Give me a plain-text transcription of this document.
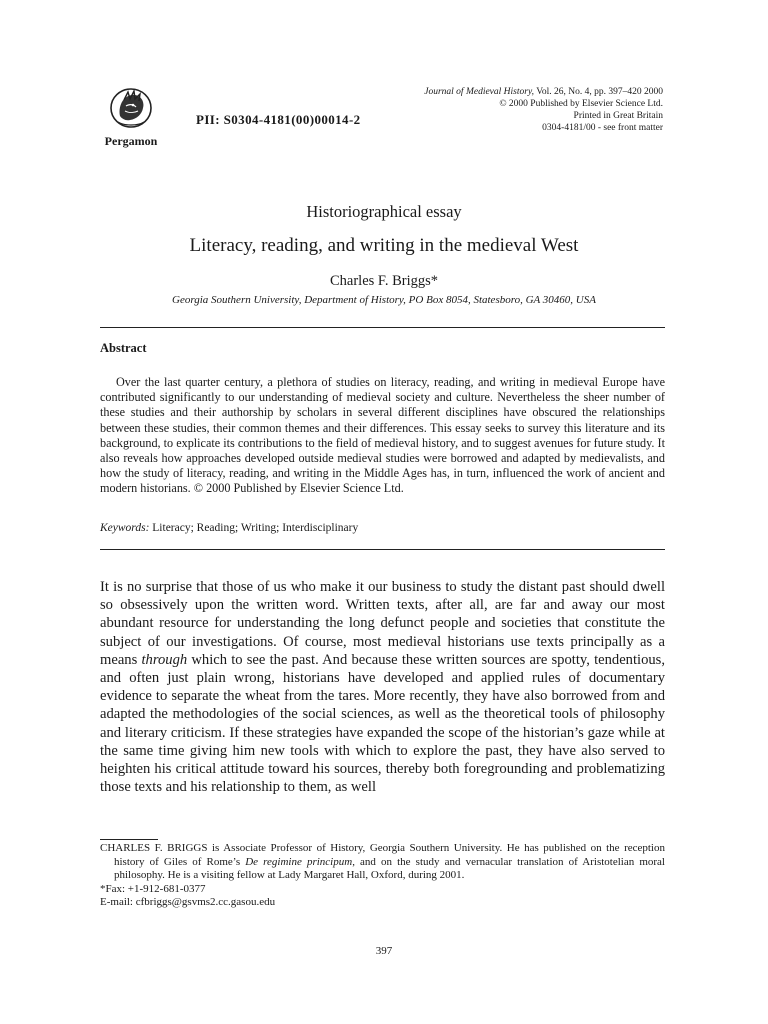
Pergamon
PII: S0304-4181(00)00014-2
Journal of Medieval History, Vol. 26, No. 4, pp. 397–420 2000
© 2000 Published by Elsevier Science Ltd.
Printed in Great Britain
0304-4181/00 - see front matter
Historiographical essay
Literacy, reading, and writing in the medieval West
Charles F. Briggs*
Georgia Southern University, Department of History, PO Box 8054, Statesboro, GA 30460, USA
Abstract

Over the last quarter century, a plethora of studies on literacy, reading, and writing in medieval Europe have contributed significantly to our understanding of medieval society and culture. Nevertheless the sheer number of these studies and their authorship by scholars in several different disciplines have obscured the relationships between these studies, their common themes and their differences. This essay seeks to survey this literature and its background, to explicate its contributions to the field of medieval history, and to suggest avenues for future study. It also reveals how approaches developed outside medieval studies were borrowed and adapted by medievalists, and how the study of literacy, reading, and writing in the Middle Ages has, in turn, influenced the work of ancient and modern historians. © 2000 Published by Elsevier Science Ltd.

Keywords: Literacy; Reading; Writing; Interdisciplinary

It is no surprise that those of us who make it our business to study the distant past should dwell so obsessively upon the written word. Written texts, after all, are far and away our most abundant resource for understanding the long defunct people and societies that constitute the subject of our investigations. Of course, most medieval historians use texts principally as a means through which to see the past. And because these written sources are spotty, tendentious, and often just plain wrong, historians have developed and applied rules of documentary evidence to separate the wheat from the tares. More recently, they have also borrowed from and adapted the methodologies of the social sciences, as well as the theoretical tools of philosophy and literary criticism. If these strategies have expanded the scope of the historian’s gaze while at the same time giving him new tools with which to explore the past, they have also served to heighten his critical attitude toward his sources, thereby both foregrounding and problematizing those texts and his relationship to them, as well

CHARLES F. BRIGGS is Associate Professor of History, Georgia Southern University. He has published on the reception history of Giles of Rome’s De regimine principum, and on the study and vernacular translation of Aristotelian moral philosophy. He is a visiting fellow at Lady Margaret Hall, Oxford, during 2001.

*Fax: +1-912-681-0377

E-mail: cfbriggs@gsvms2.cc.gasou.edu

397
